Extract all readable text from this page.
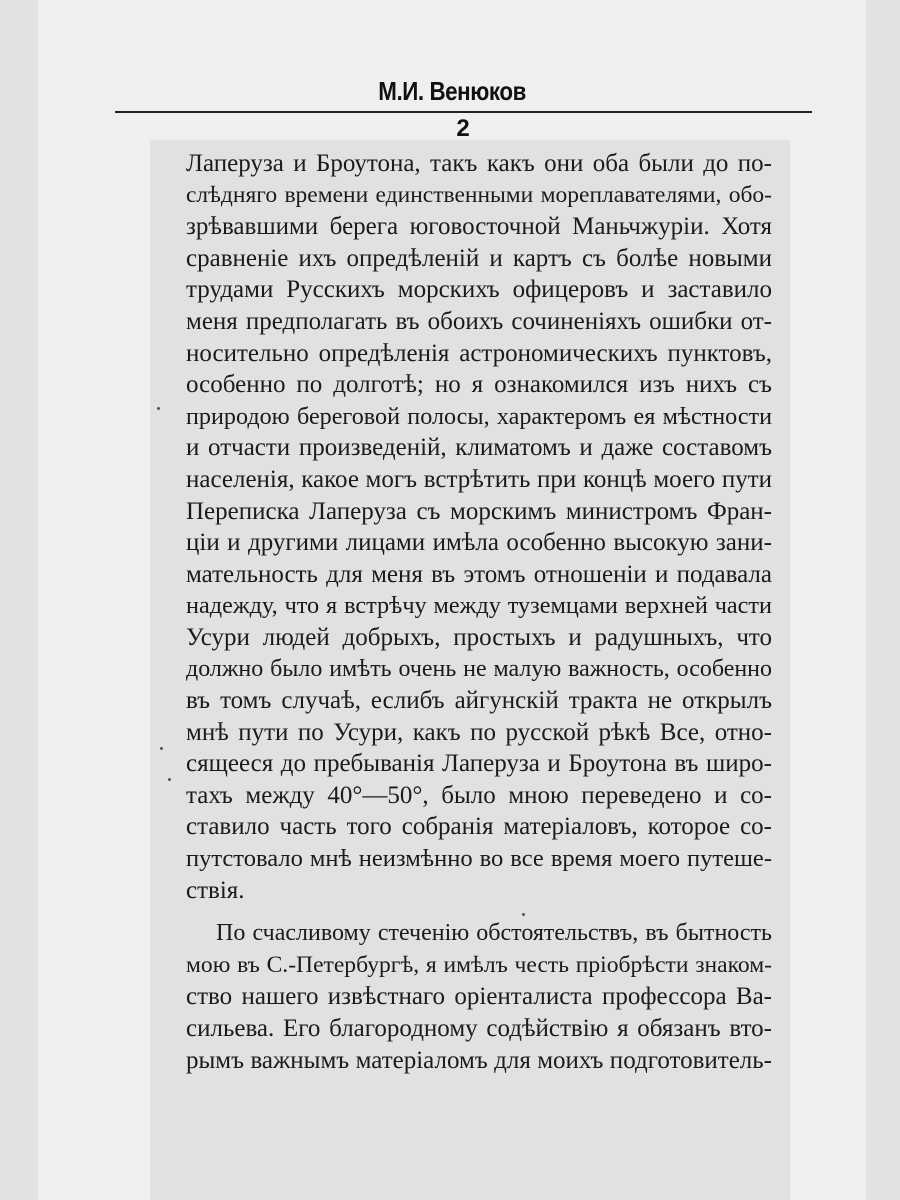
М.И. Венюков
2
Лаперуза и Броутона, такъ какъ они оба были до по-
слѣдняго времени единственными мореплавателями, обо-
зрѣвавшими берега юговосточной Маньчжуріи. Хотя
сравненіе ихъ опредѣленій и картъ съ болѣе новыми
трудами Русскихъ морскихъ офицеровъ и заставило
меня предполагать въ обоихъ сочиненіяхъ ошибки от-
носительно опредѣленія астрономическихъ пунктовъ,
особенно по долготѣ; но я ознакомился изъ нихъ съ
природою береговой полосы, характеромъ ея мѣстности
и отчасти произведеній, климатомъ и даже составомъ
населенія, какое могъ встрѣтить при концѣ моего пути
Переписка Лаперуза съ морскимъ министромъ Фран-
ціи и другими лицами имѣла особенно высокую зани-
мательность для меня въ этомъ отношеніи и подавала
надежду, что я встрѣчу между туземцами верхней части
Усури людей добрыхъ, простыхъ и радушныхъ, что
должно было имѣть очень не малую важность, особенно
въ томъ случаѣ, еслибъ айгунскій тракта не открылъ
мнѣ пути по Усури, какъ по русской рѣкѣ Все, отно-
сящееся до пребыванія Лаперуза и Броутона въ широ-
тахъ между 40°—50°, было мною переведено и со-
ставило часть того собранія матеріаловъ, которое со-
путстовало мнѣ неизмѣнно во все время моего путеше-
ствія.
По счасливому стеченію обстоятельствъ, въ бытность
мою въ С.-Петербургѣ, я имѣлъ честь пріобрѣсти знаком-
ство нашего извѣстнаго оріенталиста профессора Ва-
сильева. Его благородному содѣйствію я обязанъ вто-
рымъ важнымъ матеріаломъ для моихъ подготовитель-
